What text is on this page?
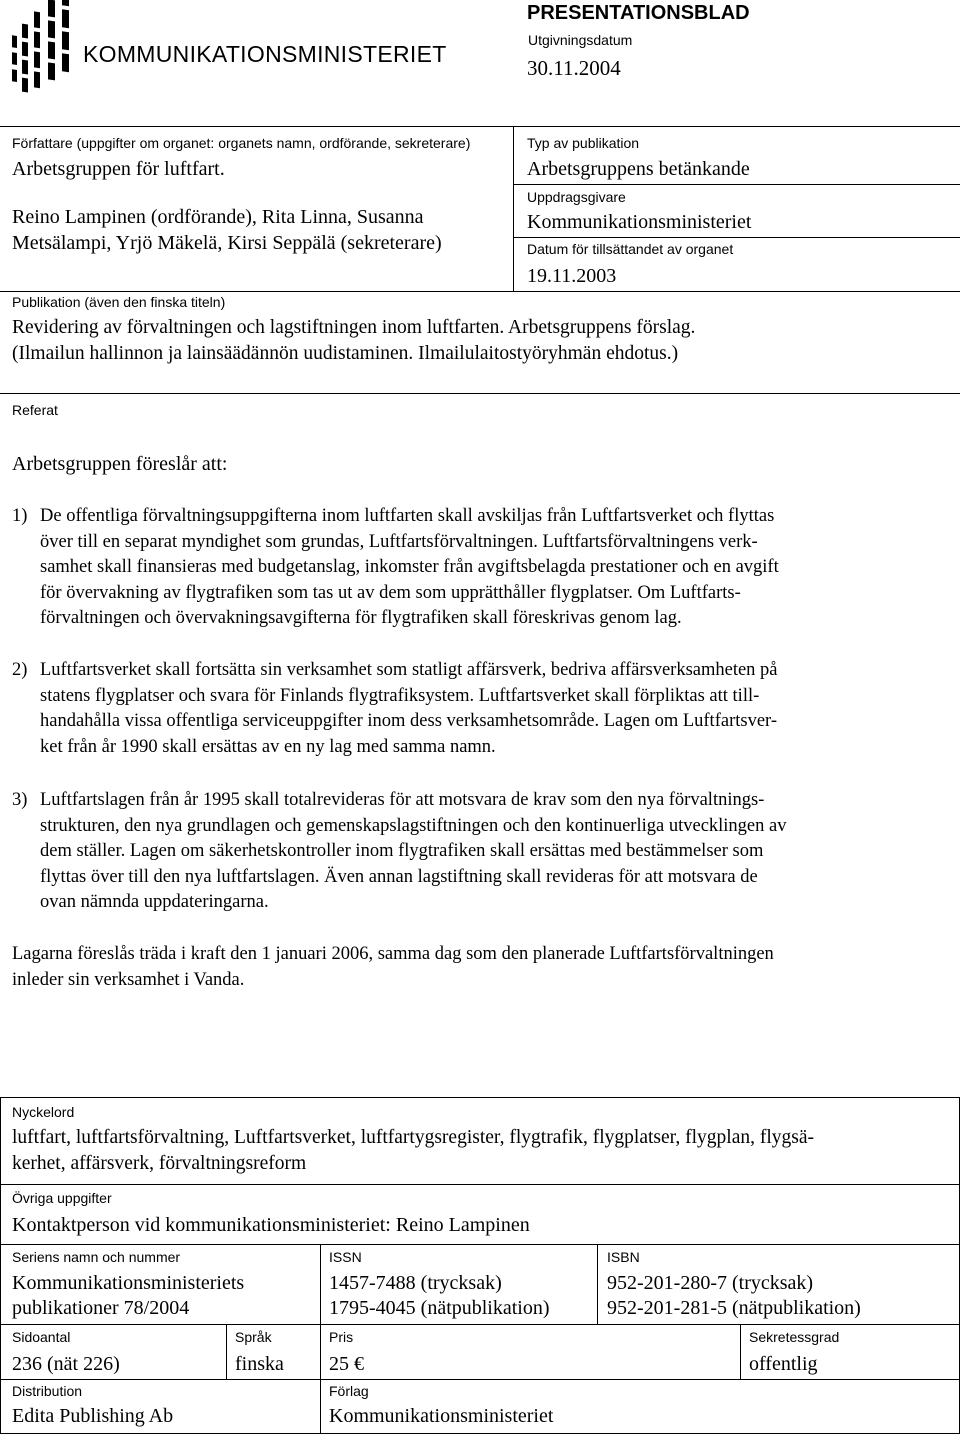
KOMMUNIKATIONSMINISTERIET
PRESENTATIONSBLAD
Utgivningsdatum
30.11.2004
Författare (uppgifter om organet: organets namn, ordförande, sekreterare)
Arbetsgruppen för luftfart.
Reino Lampinen (ordförande), Rita Linna, Susanna
Metsälampi, Yrjö Mäkelä, Kirsi Seppälä (sekreterare)
Typ av publikation
Arbetsgruppens betänkande
Uppdragsgivare
Kommunikationsministeriet
Datum för tillsättandet av organet
19.11.2003
Publikation (även den finska titeln)
Revidering av förvaltningen och lagstiftningen inom luftfarten. Arbetsgruppens förslag.
(Ilmailun hallinnon ja lainsäädännön uudistaminen. Ilmailulaitostyöryhmän ehdotus.)
Referat
Arbetsgruppen föreslår att:
1) De offentliga förvaltningsuppgifterna inom luftfarten skall avskiljas från Luftfartsverket och flyttas
över till en separat myndighet som grundas, Luftfartsförvaltningen. Luftfartsförvaltningens verk-
samhet skall finansieras med budgetanslag, inkomster från avgiftsbelagda prestationer och en avgift
för övervakning av flygtrafiken som tas ut av dem som upprätthåller flygplatser. Om Luftfarts-
förvaltningen och övervakningsavgifterna för flygtrafiken skall föreskrivas genom lag.
2) Luftfartsverket skall fortsätta sin verksamhet som statligt affärsverk, bedriva affärsverksamheten på
statens flygplatser och svara för Finlands flygtrafiksystem. Luftfartsverket skall förpliktas att till-
handahålla vissa offentliga serviceuppgifter inom dess verksamhetsområde. Lagen om Luftfartsver-
ket från år 1990 skall ersättas av en ny lag med samma namn.
3) Luftfartslagen från år 1995 skall totalrevideras för att motsvara de krav som den nya förvaltnings-
strukturen, den nya grundlagen och gemenskapslagstiftningen och den kontinuerliga utvecklingen av
dem ställer. Lagen om säkerhetskontroller inom flygtrafiken skall ersättas med bestämmelser som
flyttas över till den nya luftfartslagen. Även annan lagstiftning skall revideras för att motsvara de
ovan nämnda uppdateringarna.
Lagarna föreslås träda i kraft den 1 januari 2006, samma dag som den planerade Luftfartsförvaltningen
inleder sin verksamhet i Vanda.
Nyckelord
luftfart, luftfartsförvaltning, Luftfartsverket, luftfartygsregister, flygtrafik, flygplatser, flygplan, flygsä-
kerhet, affärsverk, förvaltningsreform
Övriga uppgifter
Kontaktperson vid kommunikationsministeriet: Reino Lampinen
Seriens namn och nummer
Kommunikationsministeriets
publikationer 78/2004
ISSN
1457-7488 (trycksak)
1795-4045 (nätpublikation)
ISBN
952-201-280-7 (trycksak)
952-201-281-5 (nätpublikation)
Sidoantal
236 (nät 226)
Språk
finska
Pris
25 €
Sekretessgrad
offentlig
Distribution
Edita Publishing Ab
Förlag
Kommunikationsministeriet
